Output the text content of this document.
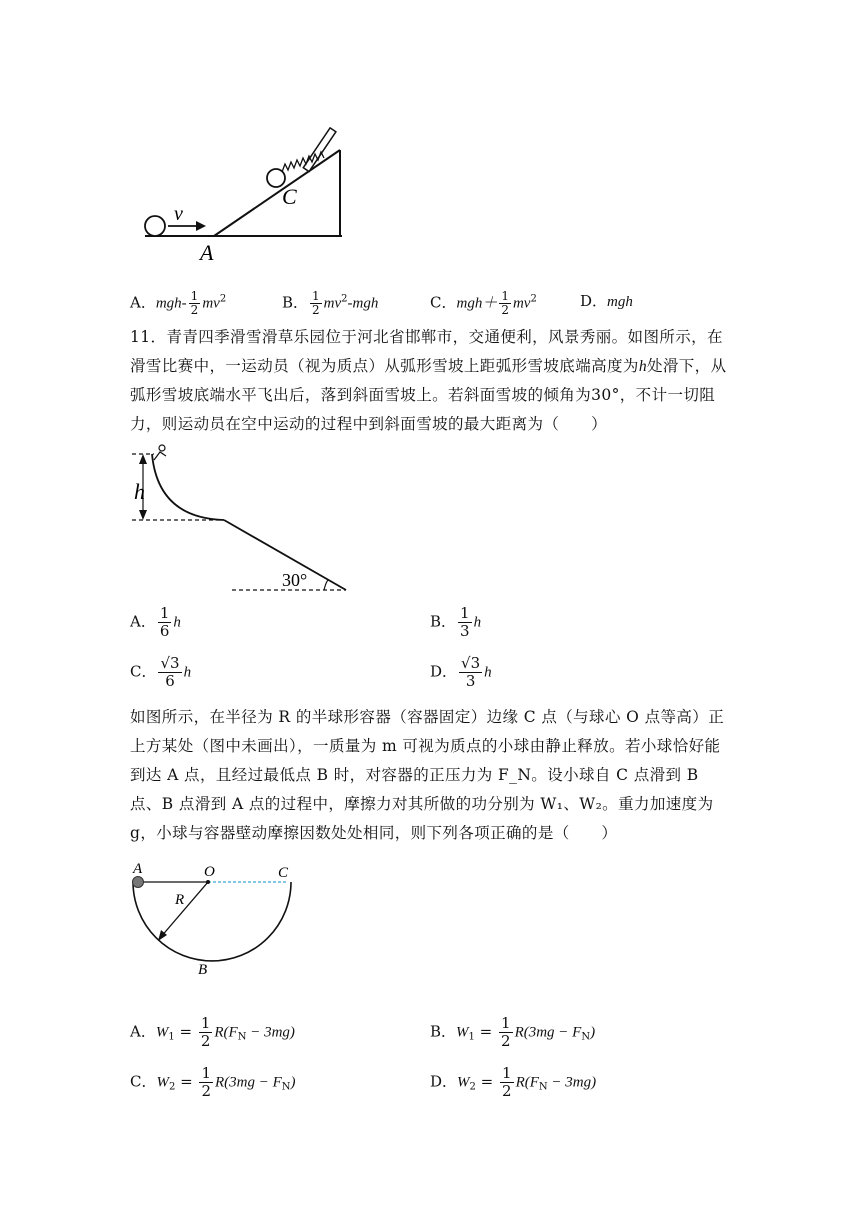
v
C
A
A．$mgh- \frac{1}{2} mv^2$	B． $\frac{1}{2} mv^2-mgh$	C．$mgh+ \frac{1}{2} mv^2$	D．mgh
11．青青四季滑雪滑草乐园位于河北省邯郸市，交通便利，风景秀丽。如图所示，在滑雪比赛中，一运动员（视为质点）从弧形雪坡上距弧形雪坡底端高度为h处滑下，从弧形雪坡底端水平飞出后，落到斜面雪坡上。若斜面雪坡的倾角为30°，不计一切阻力，则运动员在空中运动的过程中到斜面雪坡的最大距离为（　　）
h
30°
A． $\frac{1}{6}$ h	B． $\frac{1}{3}$ h
C． $\frac{√3}{6}$ h	D． $\frac{√3}{3}$ h
如图所示，在半径为 R 的半球形容器（容器固定）边缘 C 点（与球心 O 点等高）正上方某处（图中未画出），一质量为 m 可视为质点的小球由静止释放。若小球恰好能到达 A 点，且经过最低点 B 时，对容器的正压力为 F_N。设小球自 C 点滑到 B 点、B 点滑到 A 点的过程中，摩擦力对其所做的功分别为 W₁、W₂。重力加速度为 g，小球与容器壁动摩擦因数处处相同，则下列各项正确的是（　　）
A	O	C
R
B
A．$W_1 = \frac{1}{2} R(F_N - 3mg)$	B．$W_1 = \frac{1}{2} R(3mg - F_N)$
C．$W_2 = \frac{1}{2} R(3mg - F_N)$	D．$W_2 = \frac{1}{2} R(F_N - 3mg)$
